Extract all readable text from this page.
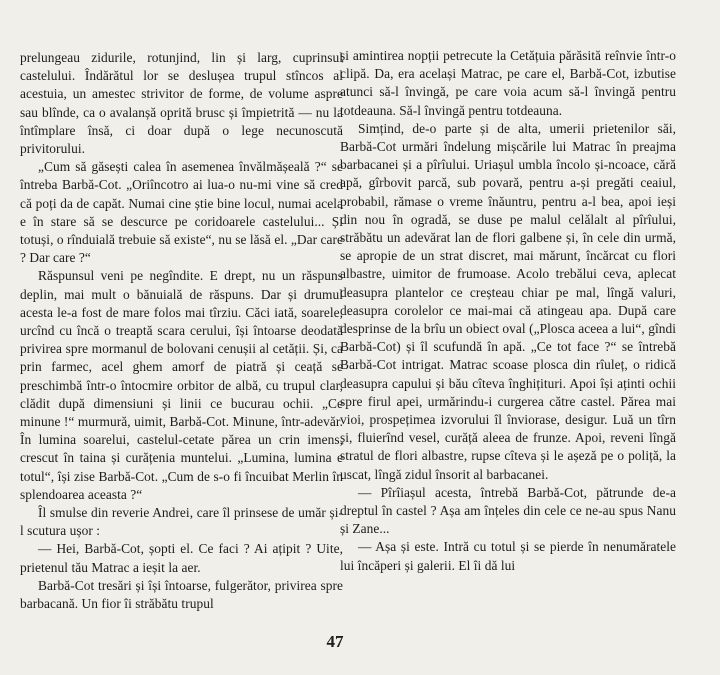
prelungeau zidurile, rotunjind, lin și larg, cuprinsul castelului. Îndărătul lor se deslușea trupul stîncos al acestuia, un amestec strivitor de forme, de volume aspre sau blînde, ca o avalanșă oprită brusc și împietrită — nu la întîmplare însă, ci doar după o lege necunoscută privitorului.

„Cum să găsești calea în asemenea învălmășeală ?“ se întreba Barbă-Cot. „Oriîncotro ai lua-o nu-mi vine să cred că poți da de capăt. Numai cine știe bine locul, numai acela e în stare să se descurce pe coridoarele castelului... Și totuși, o rînduială trebuie să existe“, nu se lăsă el. „Dar care ? Dar care ?“

Răspunsul veni pe negîndite. E drept, nu un răspuns deplin, mai mult o bănuială de răspuns. Dar și drumul acesta le-a fost de mare folos mai tîrziu. Căci iată, soarele, urcînd cu încă o treaptă scara cerului, își întoarse deodată privirea spre mormanul de bolovani cenușii al cetății. Și, ca prin farmec, acel ghem amorf de piatră și ceață se preschimbă într-o întocmire orbitor de albă, cu trupul clar, clădit după dimensiuni și linii ce bucurau ochii. „Ce minune !“ murmură, uimit, Barbă-Cot. Minune, într-adevăr. În lumina soarelui, castelul-cetate părea un crin imens, crescut în taina și curățenia muntelui. „Lumina, lumina e totul“, își zise Barbă-Cot. „Cum de s-o fi încuibat Merlin în splendoarea aceasta ?“

Îl smulse din reverie Andrei, care îl prinsese de umăr și-l scutura ușor :

— Hei, Barbă-Cot, șopti el. Ce faci ? Ai ațipit ? Uite, prietenul tău Matrac a ieșit la aer.

Barbă-Cot tresări și își întoarse, fulgerător, privirea spre barbacană. Un fior îi străbătu trupul

și amintirea nopții petrecute la Cetățuia părăsită reînvie într-o clipă. Da, era același Matrac, pe care el, Barbă-Cot, izbutise atunci să-l învingă, pe care voia acum să-l învingă pentru totdeauna. Să-l învingă pentru totdeauna.

Simțind, de-o parte și de alta, umerii prietenilor săi, Barbă-Cot urmări îndelung mișcările lui Matrac în preajma barbacanei și a pîrîului. Uriașul umbla încolo și-ncoace, cără apă, gîrbovit parcă, sub povară, pentru a-și pregăti ceaiul, probabil, rămase o vreme înăuntru, pentru a-l bea, apoi ieși din nou în ogradă, se duse pe malul celălalt al pîrîului, străbătu un adevărat lan de flori galbene și, în cele din urmă, se apropie de un strat discret, mai mărunt, încărcat cu flori albastre, uimitor de frumoase. Acolo trebălui ceva, aplecat deasupra plantelor ce creșteau chiar pe mal, lîngă valuri, deasupra corolelor ce mai-mai că atingeau apa. După care desprinse de la brîu un obiect oval („Plosca aceea a lui“, gîndi Barbă-Cot) și îl scufundă în apă. „Ce tot face ?“ se întrebă Barbă-Cot intrigat. Matrac scoase plosca din rîuleț, o ridică deasupra capului și bău cîteva înghițituri. Apoi își aținti ochii spre firul apei, urmărindu-i curgerea către castel. Părea mai vioi, prospețimea izvorului îl înviorase, desigur. Luă un tîrn și, fluierînd vesel, curăță aleea de frunze. Apoi, reveni lîngă stratul de flori albastre, rupse cîteva și le așeză pe o poliță, la uscat, lîngă zidul însorit al barbacanei.

— Pîrîiașul acesta, întrebă Barbă-Cot, pătrunde de-a dreptul în castel ? Așa am înțeles din cele ce ne-au spus Nanu și Zane...

— Așa și este. Intră cu totul și se pierde în nenumăratele lui încăperi și galerii. El îi dă lui

47
